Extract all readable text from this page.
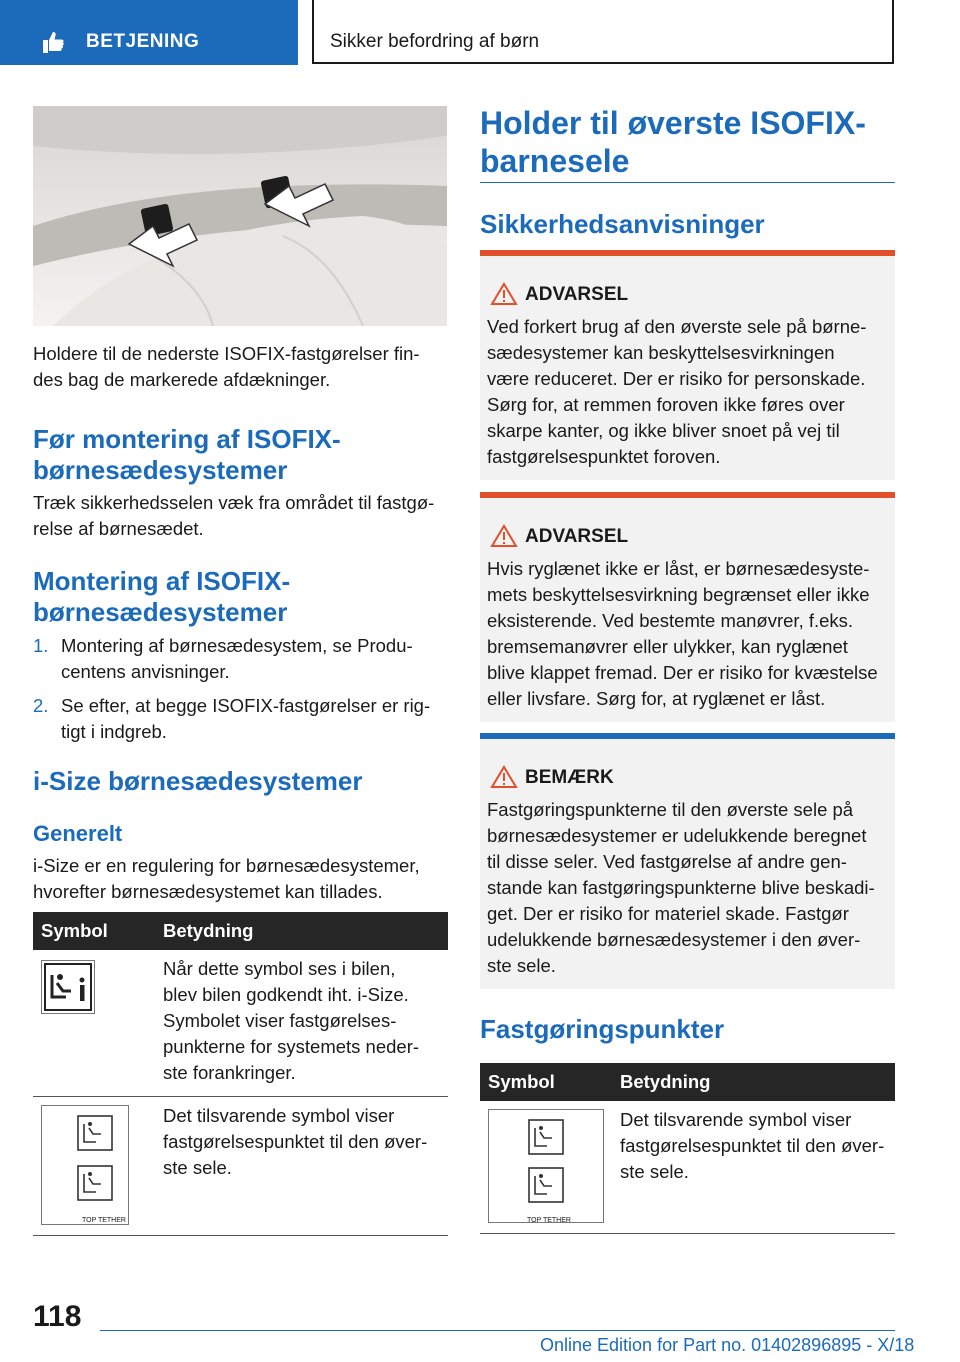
BETJENING	Sikker befordring af børn
Holdere til de nederste ISOFIX-fastgørelser fin-
des bag de markerede afdækninger.
Før montering af ISOFIX-
børnesædesystemer
Træk sikkerhedsselen væk fra området til fastgø-
relse af børnesædet.
Montering af ISOFIX-
børnesædesystemer
1. Montering af børnesædesystem, se Produ-
centens anvisninger.
2. Se efter, at begge ISOFIX-fastgørelser er rig-
tigt i indgreb.
i-Size børnesædesystemer
Generelt
i-Size er en regulering for børnesædesystemer,
hvorefter børnesædesystemet kan tillades.
Symbol	Betydning

	Når dette symbol ses i bilen,
blev bilen godkendt iht. i-Size.
Symbolet viser fastgørelses-
punkterne for systemets neder-
ste forankringer.

TOP TETHER	Det tilsvarende symbol viser
fastgørelsespunktet til den øver-
ste sele.
Holder til øverste ISOFIX-
barnesele
Sikkerhedsanvisninger
ADVARSEL
Ved forkert brug af den øverste sele på børne-
sædesystemer kan beskyttelsesvirkningen
være reduceret. Der er risiko for personskade.
Sørg for, at remmen foroven ikke føres over
skarpe kanter, og ikke bliver snoet på vej til
fastgørelsespunktet foroven.
ADVARSEL
Hvis ryglænet ikke er låst, er børnesædesyste-
mets beskyttelsesvirkning begrænset eller ikke
eksisterende. Ved bestemte manøvrer, f.eks.
bremsemanøvrer eller ulykker, kan ryglænet
blive klappet fremad. Der er risiko for kvæstelse
eller livsfare. Sørg for, at ryglænet er låst.
BEMÆRK
Fastgøringspunkterne til den øverste sele på
børnesædesystemer er udelukkende beregnet
til disse seler. Ved fastgørelse af andre gen-
stande kan fastgøringspunkterne blive beskadi-
get. Der er risiko for materiel skade. Fastgør
udelukkende børnesædesystemer i den øver-
ste sele.
Fastgøringspunkter
Symbol	Betydning

TOP TETHER	Det tilsvarende symbol viser
fastgørelsespunktet til den øver-
ste sele.
118
Online Edition for Part no. 01402896895 - X/18
